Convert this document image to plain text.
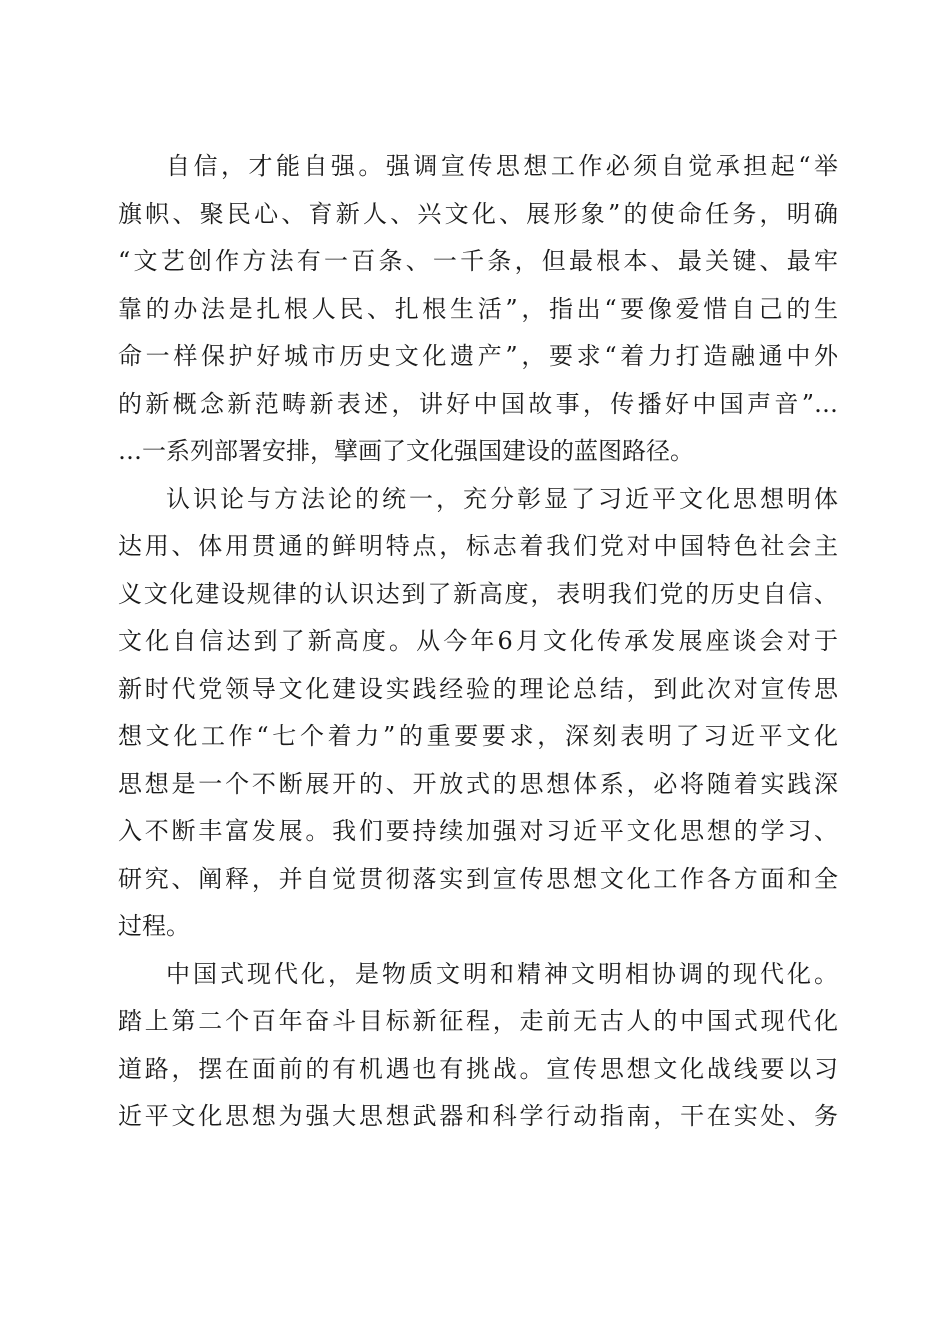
自信，才能自强。强调宣传思想工作必须自觉承担起“举
旗帜、聚民心、育新人、兴文化、展形象”的使命任务，明确
“文艺创作方法有一百条、一千条，但最根本、最关键、最牢
靠的办法是扎根人民、扎根生活”，指出“要像爱惜自己的生
命一样保护好城市历史文化遗产”，要求“着力打造融通中外
的新概念新范畴新表述，讲好中国故事，传播好中国声音”…
…一系列部署安排，擘画了文化强国建设的蓝图路径。
认识论与方法论的统一，充分彰显了习近平文化思想明体
达用、体用贯通的鲜明特点，标志着我们党对中国特色社会主
义文化建设规律的认识达到了新高度，表明我们党的历史自信、
文化自信达到了新高度。从今年6月文化传承发展座谈会对于
新时代党领导文化建设实践经验的理论总结，到此次对宣传思
想文化工作“七个着力”的重要要求，深刻表明了习近平文化
思想是一个不断展开的、开放式的思想体系，必将随着实践深
入不断丰富发展。我们要持续加强对习近平文化思想的学习、
研究、阐释，并自觉贯彻落实到宣传思想文化工作各方面和全
过程。
中国式现代化，是物质文明和精神文明相协调的现代化。
踏上第二个百年奋斗目标新征程，走前无古人的中国式现代化
道路，摆在面前的有机遇也有挑战。宣传思想文化战线要以习
近平文化思想为强大思想武器和科学行动指南，干在实处、务
